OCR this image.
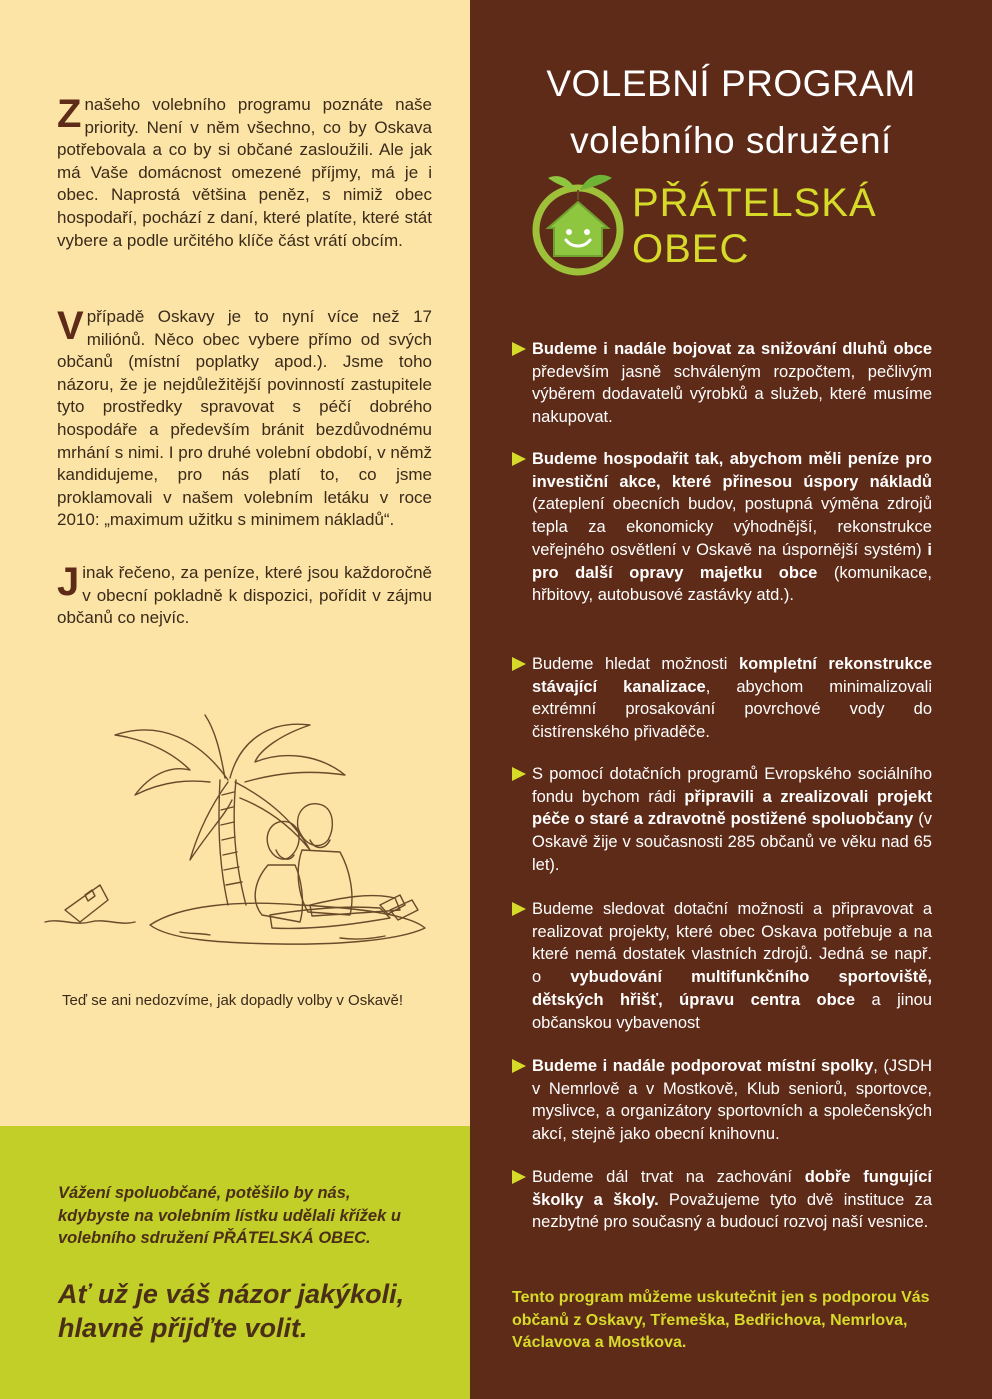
Z našeho volebního programu poznáte naše priority. Není v něm všechno, co by Oskava potřebovala a co by si občané zasloužili. Ale jak má Vaše domácnost omezené příjmy, má je i obec. Naprostá většina peněz, s nimiž obec hospodaří, pochází z daní, které platíte, které stát vybere a podle určitého klíče část vrátí obcím.

V případě Oskavy je to nyní více než 17 miliónů. Něco obec vybere přímo od svých občanů (místní poplatky apod.). Jsme toho názoru, že je nejdůležitější povinností zastupitele tyto prostředky spravovat s péčí dobrého hospodáře a především bránit bezdůvodnému mrhání s nimi. I pro druhé volební období, v němž kandidujeme, pro nás platí to, co jsme proklamovali v našem volebním letáku v roce 2010: „maximum užitku s minimem nákladů“.

Jinak řečeno, za peníze, které jsou každoročně v obecní pokladně k dispozici, pořídit v zájmu občanů co nejvíc.

Teď se ani nedozvíme, jak dopadly volby v Oskavě!

Vážení spoluobčané, potěšilo by nás, kdybyste na volebním lístku udělali křížek u volebního sdružení PŘÁTELSKÁ OBEC.

Ať už je váš názor jakýkoli, hlavně přijďte volit.

VOLEBNÍ PROGRAM

volebního sdružení

PŘÁTELSKÁ
OBEC

Budeme i nadále bojovat za snižování dluhů obce především jasně schváleným rozpočtem, pečlivým výběrem dodavatelů výrobků a služeb, které musíme nakupovat.

Budeme hospodařit tak, abychom měli peníze pro investiční akce, které přinesou úspory nákladů (zateplení obecních budov, postupná výměna zdrojů tepla za ekonomicky výhodnější, rekonstrukce veřejného osvětlení v Oskavě na úspornější systém) i pro další opravy majetku obce (komunikace, hřbitovy, autobusové zastávky atd.).

Budeme hledat možnosti kompletní rekonstrukce stávající kanalizace, abychom minimalizovali extrémní prosakování povrchové vody do čistírenského přivaděče.

S pomocí dotačních programů Evropského sociálního fondu bychom rádi připravili a zrealizovali projekt péče o staré a zdravotně postižené spoluobčany (v Oskavě žije v současnosti 285 občanů ve věku nad 65 let).

Budeme sledovat dotační možnosti a připravovat a realizovat projekty, které obec Oskava potřebuje a na které nemá dostatek vlastních zdrojů. Jedná se např. o vybudování multifunkčního sportoviště, dětských hřišť, úpravu centra obce a jinou občanskou vybavenost

Budeme i nadále podporovat místní spolky, (JSDH v Nemrlově a v Mostkově, Klub seniorů, sportovce, myslivce, a organizátory sportovních a společenských akcí, stejně jako obecní knihovnu.

Budeme dál trvat na zachování dobře fungující školky a školy. Považujeme tyto dvě instituce za nezbytné pro současný a budoucí rozvoj naší vesnice.

Tento program můžeme uskutečnit jen s podporou Vás občanů z Oskavy, Třemeška, Bedřichova, Nemrlova, Václavova a Mostkova.
